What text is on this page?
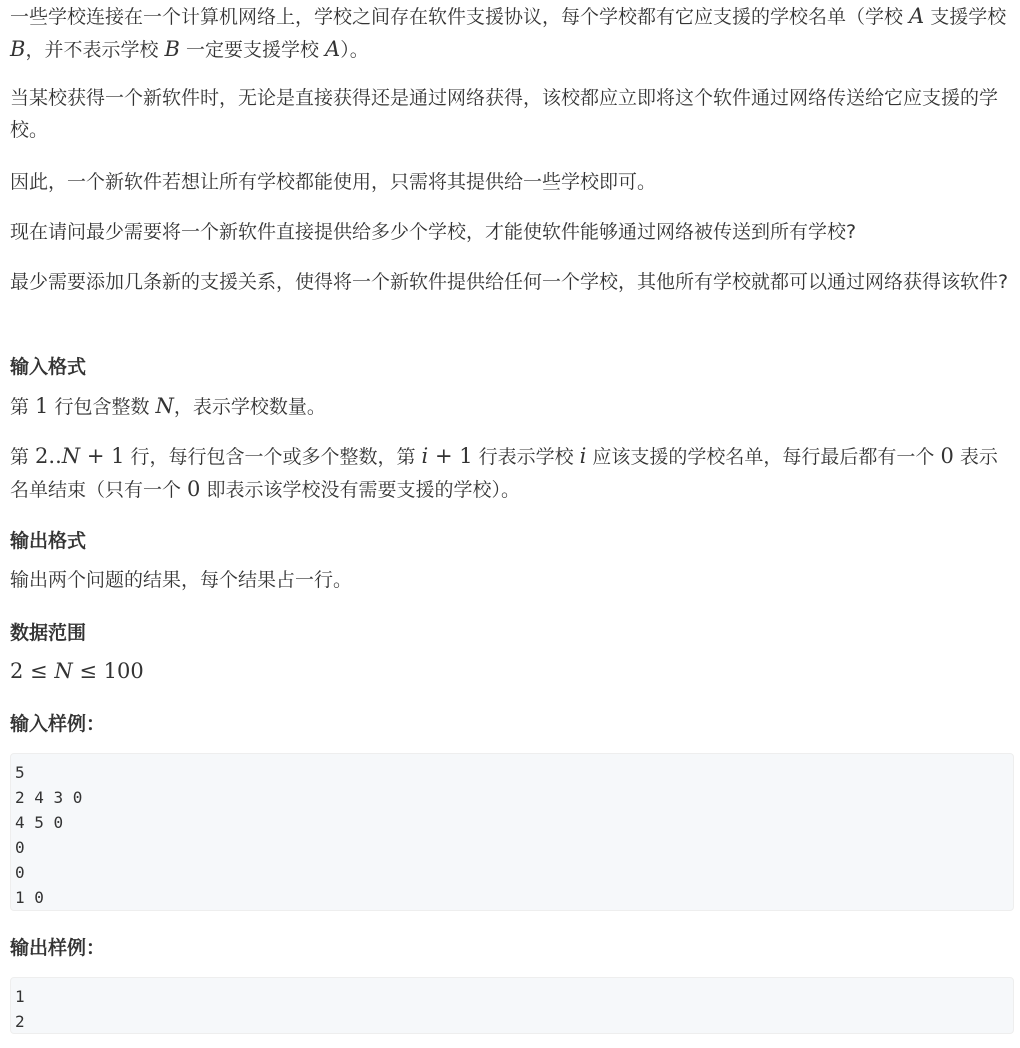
一些学校连接在一个计算机网络上，学校之间存在软件支援协议，每个学校都有它应支援的学校名单（学校 A 支援学校 B，并不表示学校 B 一定要支援学校 A）。

当某校获得一个新软件时，无论是直接获得还是通过网络获得，该校都应立即将这个软件通过网络传送给它应支援的学校。

因此，一个新软件若想让所有学校都能使用，只需将其提供给一些学校即可。

现在请问最少需要将一个新软件直接提供给多少个学校，才能使软件能够通过网络被传送到所有学校?

最少需要添加几条新的支援关系，使得将一个新软件提供给任何一个学校，其他所有学校就都可以通过网络获得该软件?

输入格式

第 1 行包含整数 N，表示学校数量。

第 2..N + 1 行，每行包含一个或多个整数，第 i + 1 行表示学校 i 应该支援的学校名单，每行最后都有一个 0 表示名单结束（只有一个 0 即表示该学校没有需要支援的学校）。

输出格式

输出两个问题的结果，每个结果占一行。

数据范围

2 ≤ N ≤ 100

输入样例：
5
2 4 3 0
4 5 0
0
0
1 0
输出样例：
1
2
